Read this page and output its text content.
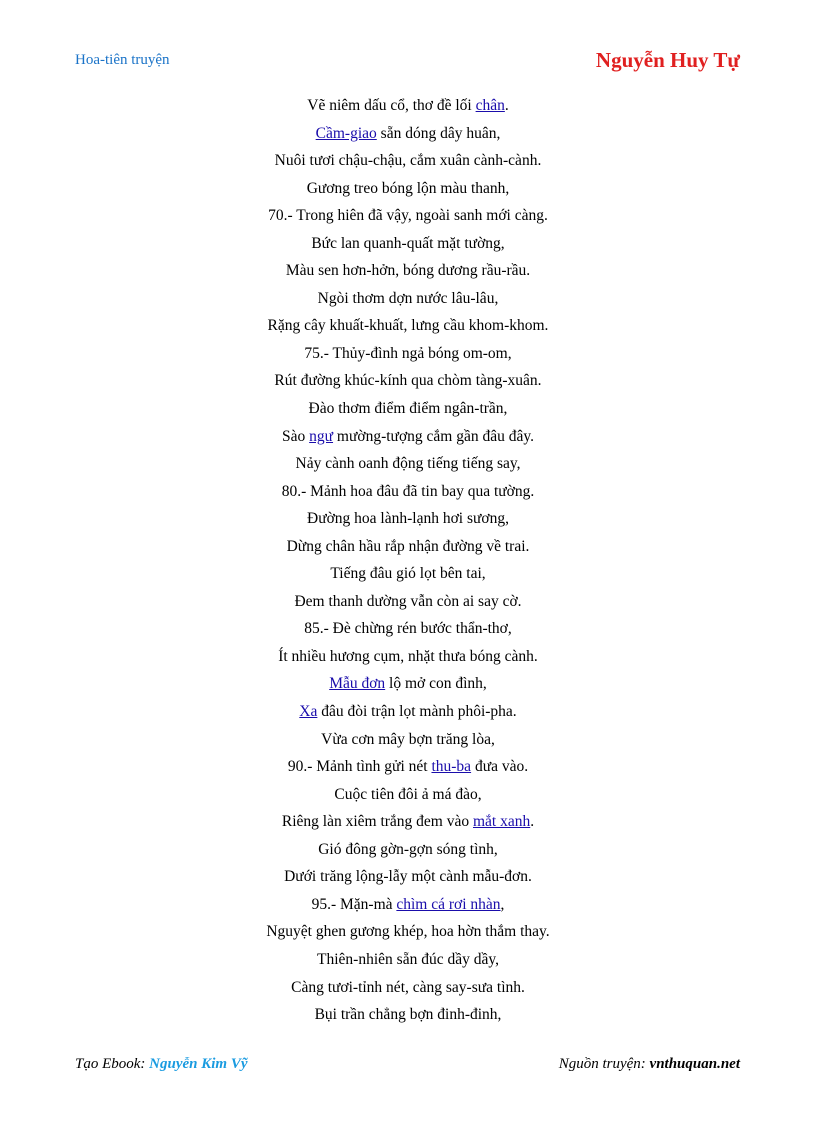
Hoa-tiên truyện	Nguyễn Huy Tự
Vẽ niêm dấu cổ, thơ đề lối chân.
Cầm-giao sẵn dóng dây huân,
Nuôi tươi chậu-chậu, cắm xuân cành-cành.
Gương treo bóng lộn màu thanh,
70.- Trong hiên đã vậy, ngoài sanh mới càng.
Bức lan quanh-quất mặt tường,
Màu sen hơn-hởn, bóng dương rầu-rầu.
Ngòi thơm dợn nước lâu-lâu,
Rặng cây khuất-khuất, lưng cầu khom-khom.
75.- Thủy-đình ngả bóng om-om,
Rút đường khúc-kính qua chòm tàng-xuân.
Đào thơm điểm điểm ngân-trần,
Sào ngư mường-tượng cắm gần đâu đây.
Nảy cành oanh động tiếng tiếng say,
80.- Mảnh hoa đâu đã tin bay qua tường.
Đường hoa lành-lạnh hơi sương,
Dừng chân hầu rắp nhận đường về trai.
Tiếng đâu gió lọt bên tai,
Đem thanh dường vẫn còn ai say cờ.
85.- Đè chừng rén bước thẩn-thơ,
Ít nhiều hương cụm, nhặt thưa bóng cành.
Mẫu đơn lộ mở con đình,
Xa đâu đòi trận lọt mành phôi-pha.
Vừa cơn mây bợn trăng lòa,
90.- Mảnh tình gửi nét thu-ba đưa vào.
Cuộc tiên đôi ả má đào,
Riêng làn xiêm trắng đem vào mắt xanh.
Gió đông gờn-gợn sóng tình,
Dưới trăng lộng-lẫy một cành mẫu-đơn.
95.- Mặn-mà chìm cá rơi nhàn,
Nguyệt ghen gương khép, hoa hờn thắm thay.
Thiên-nhiên sẵn đúc dầy dầy,
Càng tươi-tỉnh nét, càng say-sưa tình.
Bụi trần chẳng bợn đinh-đinh,
Tạo Ebook: Nguyễn Kim Vỹ	Nguồn truyện: vnthuquan.net
